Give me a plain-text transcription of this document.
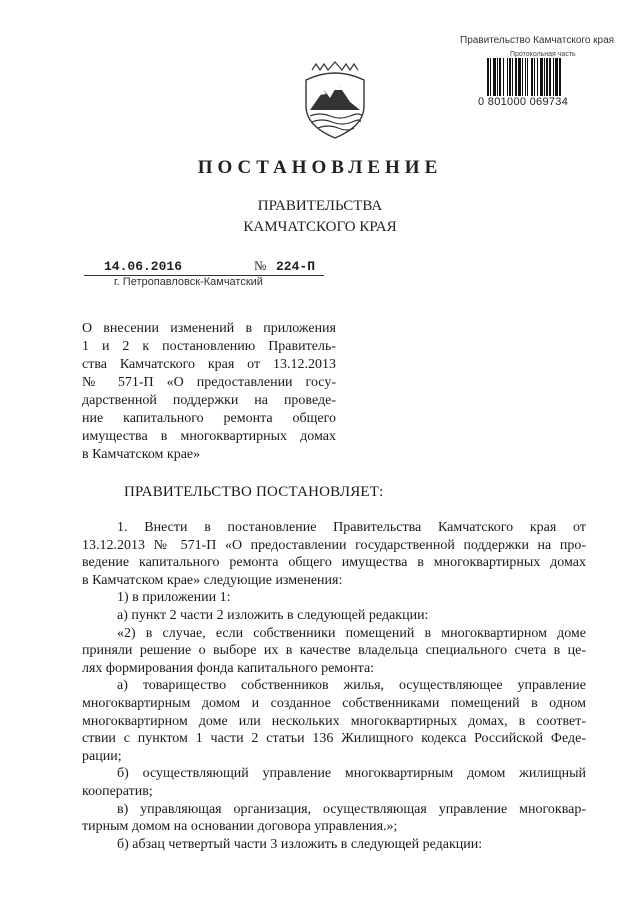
Правительство Камчатского края
Протокольная часть
0 801000 069734
ПОСТАНОВЛЕНИЕ
ПРАВИТЕЛЬСТВА
КАМЧАТСКОГО КРАЯ
14.06.2016	№ 224-П
г. Петропавловск-Камчатский
О внесении изменений в приложения
1 и 2 к постановлению Правитель-
ства Камчатского края от 13.12.2013
№ 571-П «О предоставлении госу-
дарственной поддержки на проведе-
ние капитального ремонта общего
имущества в многоквартирных домах
в Камчатском крае»
ПРАВИТЕЛЬСТВО ПОСТАНОВЛЯЕТ:
1. Внести в постановление Правительства Камчатского края от
13.12.2013 № 571-П «О предоставлении государственной поддержки на про-
ведение капитального ремонта общего имущества в многоквартирных домах
в Камчатском крае» следующие изменения:
1) в приложении 1:
а) пункт 2 части 2 изложить в следующей редакции:
«2) в случае, если собственники помещений в многоквартирном доме
приняли решение о выборе их в качестве владельца специального счета в це-
лях формирования фонда капитального ремонта:
а) товарищество собственников жилья, осуществляющее управление
многоквартирным домом и созданное собственниками помещений в одном
многоквартирном доме или нескольких многоквартирных домах, в соответ-
ствии с пунктом 1 части 2 статьи 136 Жилищного кодекса Российской Феде-
рации;
б) осуществляющий управление многоквартирным домом жилищный
кооператив;
в) управляющая организация, осуществляющая управление многоквар-
тирным домом на основании договора управления.»;
б) абзац четвертый части 3 изложить в следующей редакции:
